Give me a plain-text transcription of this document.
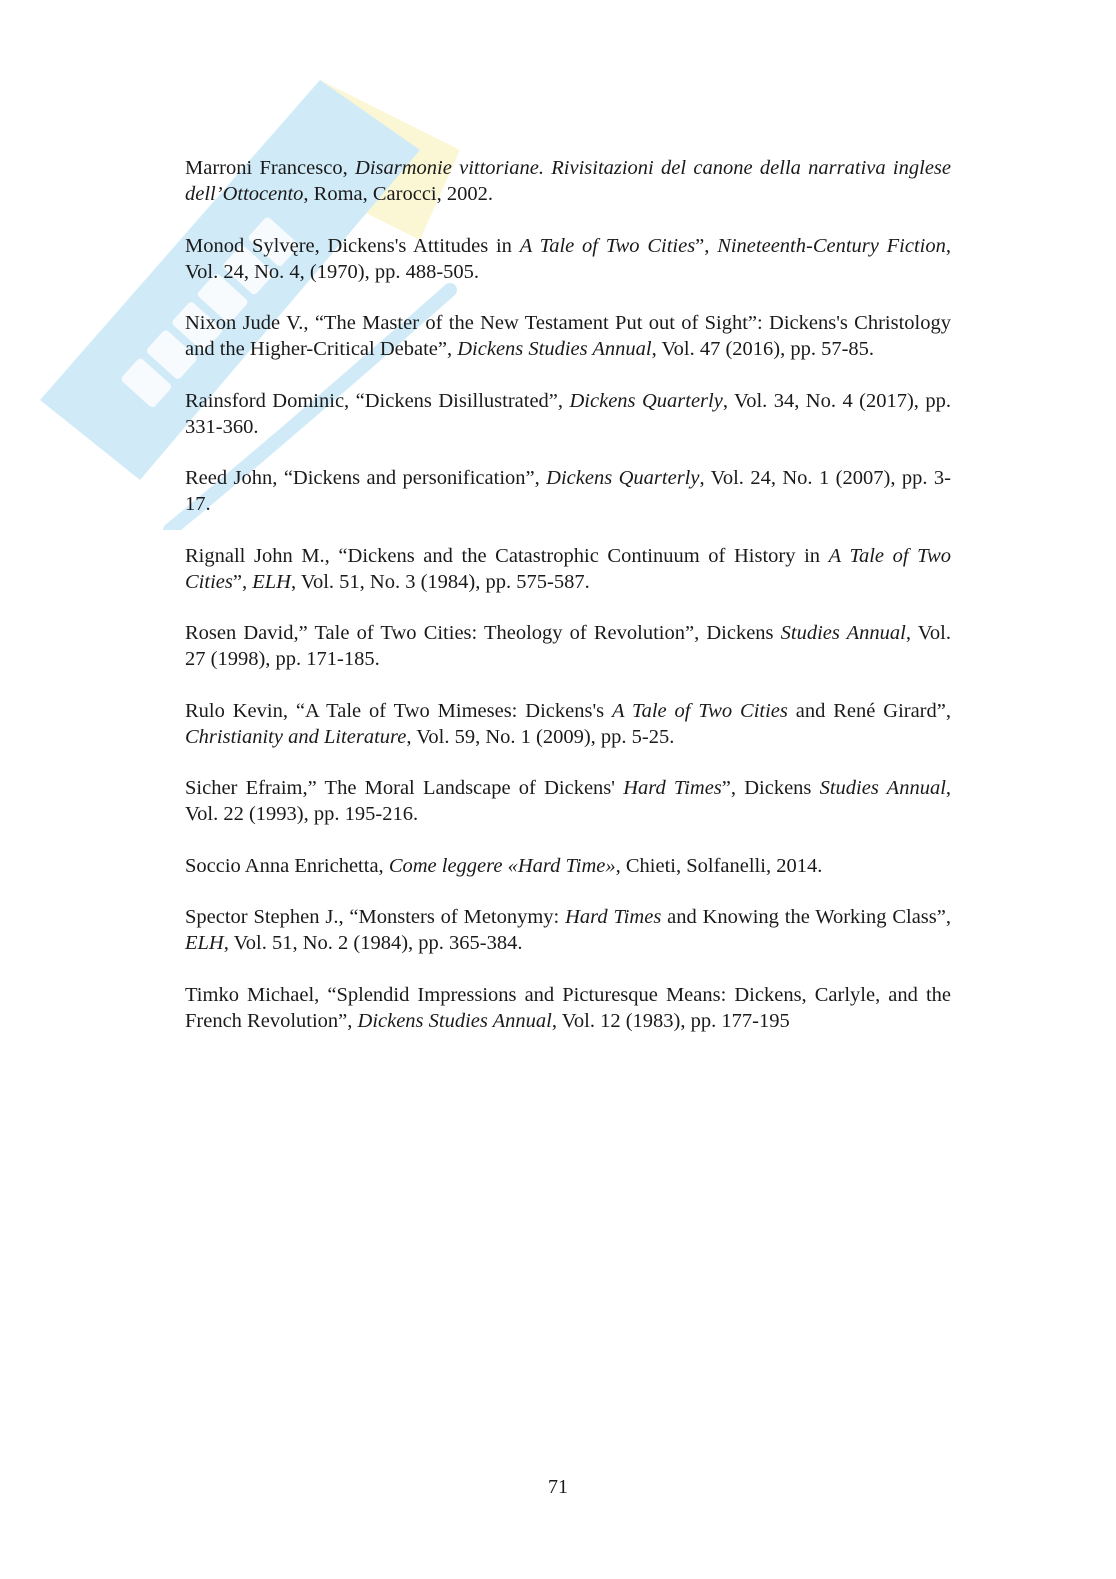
Marroni Francesco, Disarmonie vittoriane. Rivisitazioni del canone della narrativa inglese dell’Ottocento, Roma, Carocci, 2002.

Monod Sylvęre, Dickens's Attitudes in A Tale of Two Cities”, Nineteenth-Century Fiction, Vol. 24, No. 4, (1970), pp. 488-505.

Nixon Jude V., “The Master of the New Testament Put out of Sight”: Dickens's Christology and the Higher-Critical Debate”, Dickens Studies Annual, Vol. 47 (2016), pp. 57-85.

Rainsford Dominic, “Dickens Disillustrated”, Dickens Quarterly, Vol. 34, No. 4 (2017), pp. 331-360.

Reed John, “Dickens and personification”, Dickens Quarterly, Vol. 24, No. 1 (2007), pp. 3-17.

Rignall John M., “Dickens and the Catastrophic Continuum of History in A Tale of Two Cities”, ELH, Vol. 51, No. 3 (1984), pp. 575-587.

Rosen David,” Tale of Two Cities: Theology of Revolution”, Dickens Studies Annual, Vol. 27 (1998), pp. 171-185.

Rulo Kevin, “A Tale of Two Mimeses: Dickens's A Tale of Two Cities and René Girard”, Christianity and Literature, Vol. 59, No. 1 (2009), pp. 5-25.

Sicher Efraim,” The Moral Landscape of Dickens' Hard Times”, Dickens Studies Annual, Vol. 22 (1993), pp. 195-216.

Soccio Anna Enrichetta, Come leggere «Hard Time», Chieti, Solfanelli, 2014.

Spector Stephen J., “Monsters of Metonymy: Hard Times and Knowing the Working Class”, ELH, Vol. 51, No. 2 (1984), pp. 365-384.

Timko Michael, “Splendid Impressions and Picturesque Means: Dickens, Carlyle, and the French Revolution”, Dickens Studies Annual, Vol. 12 (1983), pp. 177-195

71
